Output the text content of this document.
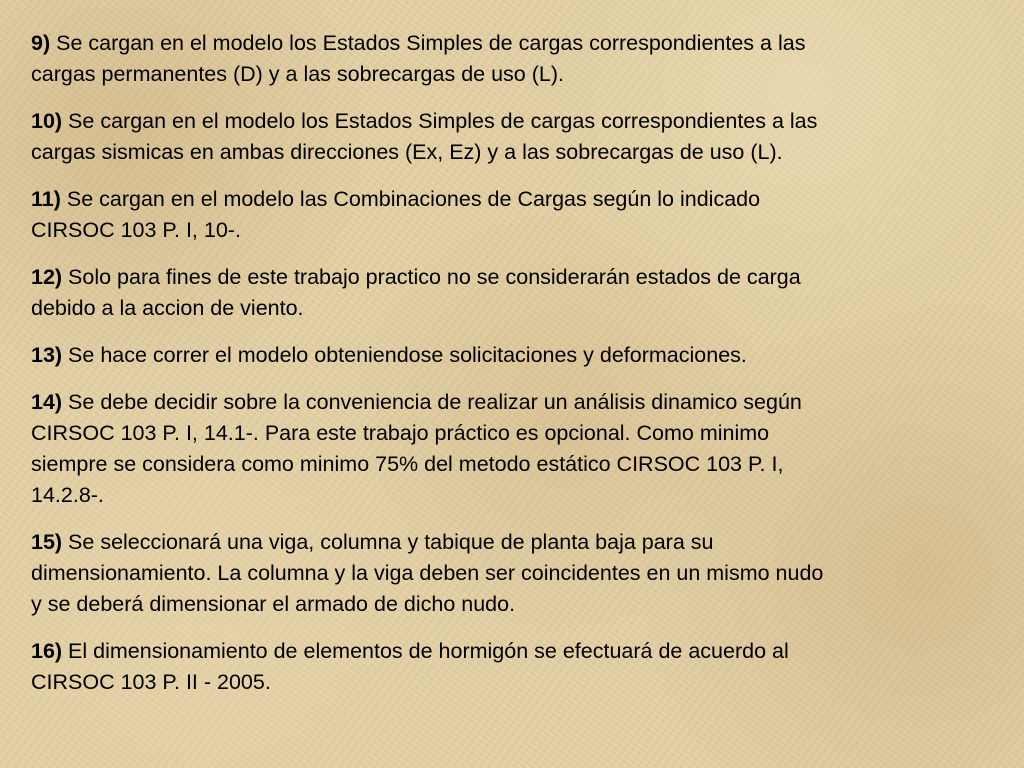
9) Se cargan en el modelo los Estados Simples de cargas correspondientes a las
cargas permanentes (D) y a las sobrecargas de uso (L).
10) Se cargan en el modelo los Estados Simples de cargas correspondientes a las
cargas sismicas en ambas direcciones (Ex, Ez) y a las sobrecargas de uso (L).
11) Se cargan en el modelo las Combinaciones de Cargas según lo indicado
CIRSOC 103 P. I, 10-.
12) Solo para fines de este trabajo practico no se considerarán estados de carga
debido a la accion de viento.
13) Se hace correr el modelo obteniendose solicitaciones y deformaciones.
14) Se debe decidir sobre la conveniencia de realizar un análisis dinamico según
CIRSOC 103 P. I, 14.1-. Para este trabajo práctico es opcional. Como minimo
siempre se considera como minimo 75% del metodo estático CIRSOC 103 P. I,
14.2.8-.
15) Se seleccionará una viga, columna y tabique de planta baja para su
dimensionamiento. La columna y la viga deben ser coincidentes en un mismo nudo
y se deberá dimensionar el armado de dicho nudo.
16) El dimensionamiento de elementos de hormigón se efectuará de acuerdo al
CIRSOC 103 P. II - 2005.
